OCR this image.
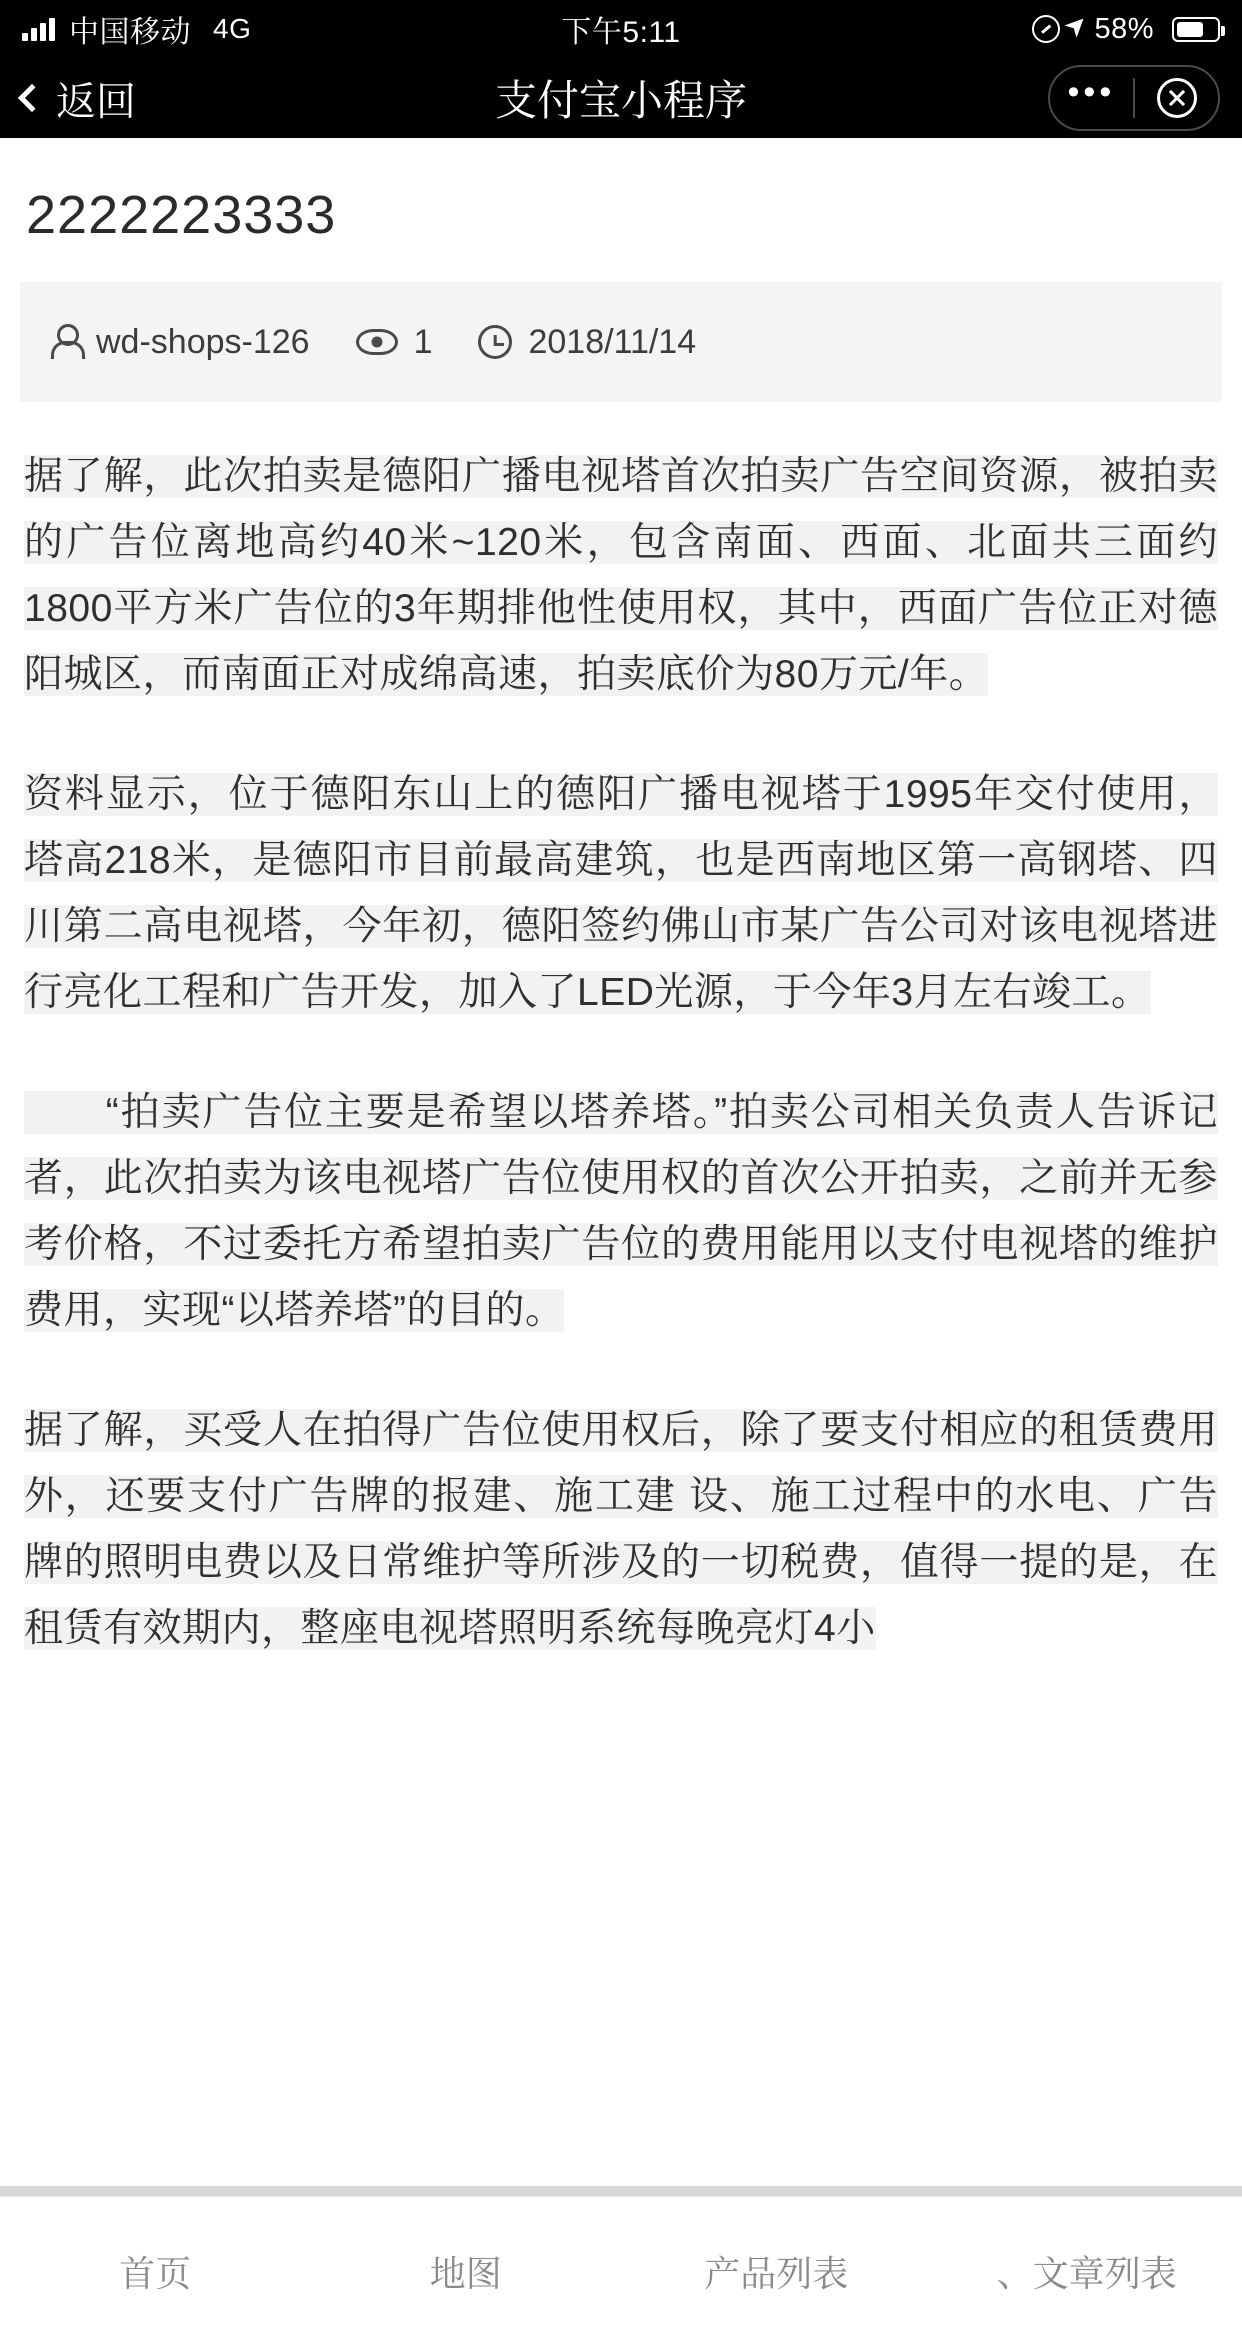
中国移动 4G	下午5:11	58%
返回	支付宝小程序	•••
2222223333
wd-shops-126	1	2018/11/14

据了解，此次拍卖是德阳广播电视塔首次拍卖广告空间资源，被拍卖的广告位离地高约40米~120米，包含南面、西面、北面共三面约1800平方米广告位的3年期排他性使用权，其中，西面广告位正对德阳城区，而南面正对成绵高速，拍卖底价为80万元/年。

资料显示，位于德阳东山上的德阳广播电视塔于1995年交付使用，塔高218米，是德阳市目前最高建筑，也是西南地区第一高钢塔、四川第二高电视塔，今年初，德阳签约佛山市某广告公司对该电视塔进行亮化工程和广告开发，加入了LED光源，于今年3月左右竣工。

　　“拍卖广告位主要是希望以塔养塔。”拍卖公司相关负责人告诉记者，此次拍卖为该电视塔广告位使用权的首次公开拍卖，之前并无参考价格，不过委托方希望拍卖广告位的费用能用以支付电视塔的维护费用，实现“以塔养塔”的目的。

据了解，买受人在拍得广告位使用权后，除了要支付相应的租赁费用外，还要支付广告牌的报建、施工建 设、施工过程中的水电、广告牌的照明电费以及日常维护等所涉及的一切税费，值得一提的是，在租赁有效期内，整座电视塔照明系统每晚亮灯4小

首页	地图	产品列表	、文章列表
